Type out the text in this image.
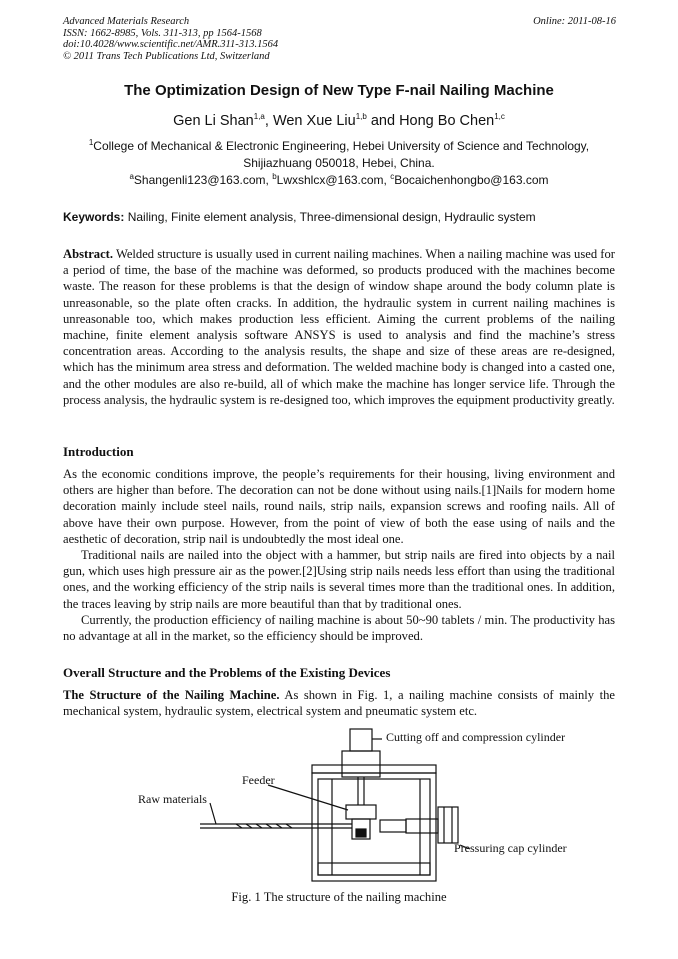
Advanced Materials Research
ISSN: 1662-8985, Vols. 311-313, pp 1564-1568
doi:10.4028/www.scientific.net/AMR.311-313.1564
© 2011 Trans Tech Publications Ltd, Switzerland
Online: 2011-08-16
The Optimization Design of New Type F-nail Nailing Machine
Gen Li Shan$^{1,a}$, Wen Xue Liu$^{1,b}$ and Hong Bo Chen$^{1,c}$
$^1$College of Mechanical & Electronic Engineering, Hebei University of Science and Technology,
Shijiazhuang 050018, Hebei, China.
$^a$Shangenli123@163.com, $^b$Lwxshlcx@163.com, $^c$Bocaichenhongbo@163.com
Keywords: Nailing, Finite element analysis, Three-dimensional design, Hydraulic system

Abstract. Welded structure is usually used in current nailing machines. When a nailing machine was used for a period of time, the base of the machine was deformed, so products produced with the machines become waste. The reason for these problems is that the design of window shape around the body column plate is unreasonable, so the plate often cracks. In addition, the hydraulic system in current nailing machines is unreasonable too, which makes production less efficient. Aiming the current problems of the nailing machine, finite element analysis software ANSYS is used to analysis and find the machine’s stress concentration areas. According to the analysis results, the shape and size of these areas are re-designed, which has the minimum area stress and deformation. The welded machine body is changed into a casted one, and the other modules are also re-build, all of which make the machine has longer service life. Through the process analysis, the hydraulic system is re-designed too, which improves the equipment productivity greatly.

Introduction

As the economic conditions improve, the people’s requirements for their housing, living environment and others are higher than before. The decoration can not be done without using nails.[1]Nails for modern home decoration mainly include steel nails, round nails, strip nails, expansion screws and roofing nails. All of above have their own purpose. However, from the point of view of both the ease using of nails and the aesthetic of decoration, strip nail is undoubtedly the most ideal one.

Traditional nails are nailed into the object with a hammer, but strip nails are fired into objects by a nail gun, which uses high pressure air as the power.[2]Using strip nails needs less effort than using the traditional ones, and the working efficiency of the strip nails is several times more than the traditional ones. In addition, the traces leaving by strip nails are more beautiful than that by traditional ones.

Currently, the production efficiency of nailing machine is about 50~90 tablets / min. The productivity has no advantage at all in the market, so the efficiency should be improved.

Overall Structure and the Problems of the Existing Devices

The Structure of the Nailing Machine. As shown in Fig. 1, a nailing machine consists of mainly the mechanical system, hydraulic system, electrical system and pneumatic system etc.

Cutting off and compression cylinder
Feeder
Raw materials
Pressuring cap cylinder
Fig. 1 The structure of the nailing machine
